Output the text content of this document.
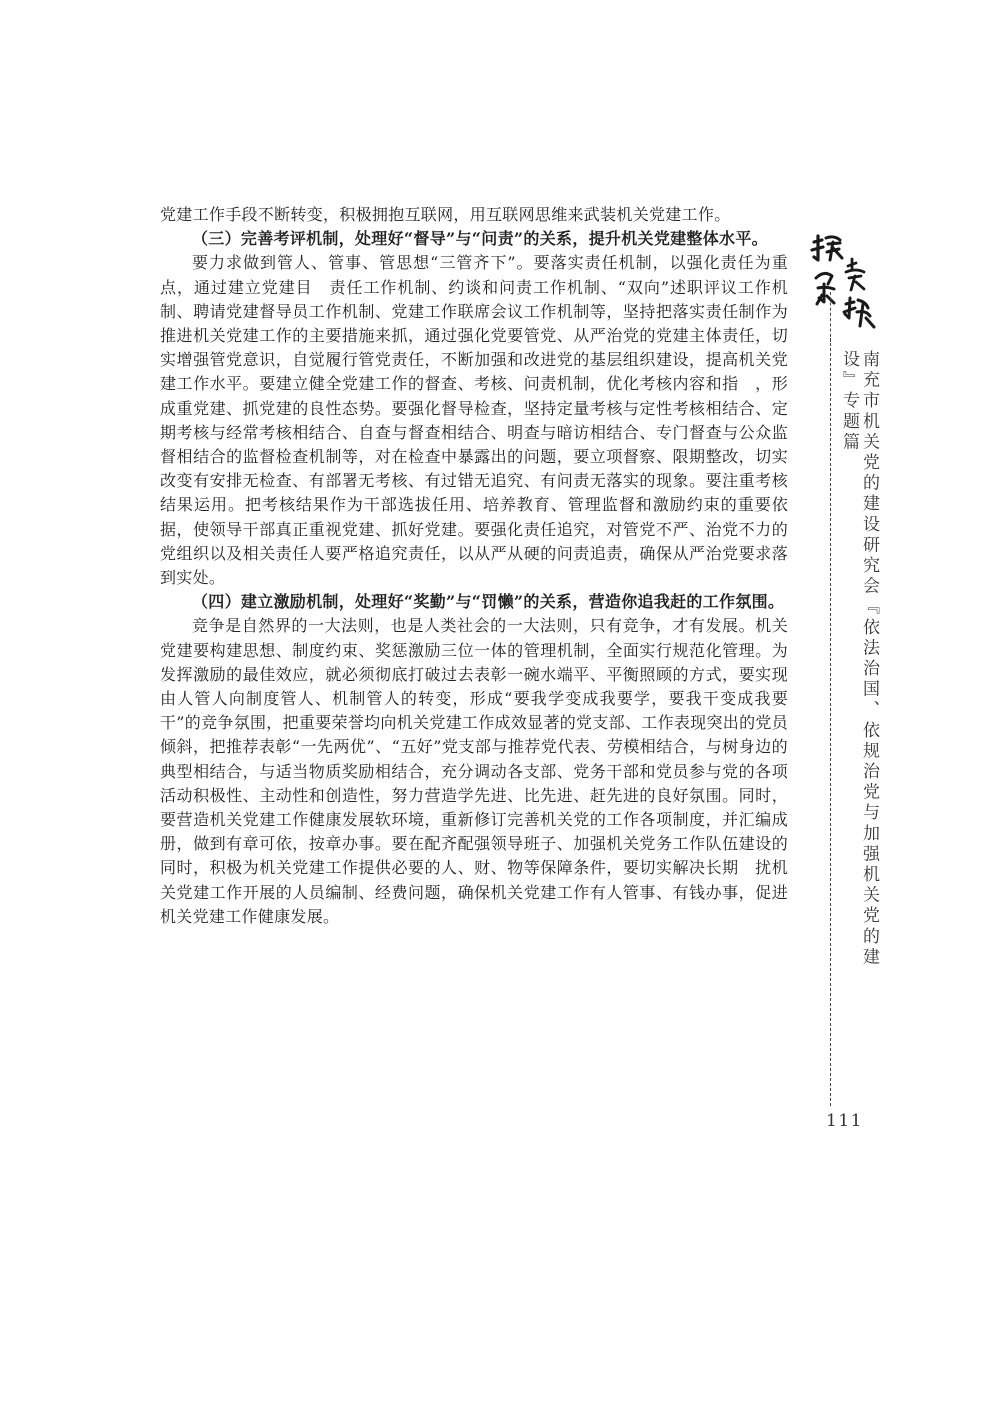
党建工作手段不断转变，积极拥抱互联网，用互联网思维来武装机关党建工作。

（三）完善考评机制，处理好“督导”与“问责”的关系，提升机关党建整体水平。

要力求做到管人、管事、管思想“三管齐下”。要落实责任机制，以强化责任为重点，通过建立党建目　责任工作机制、约谈和问责工作机制、“双向”述职评议工作机制、聘请党建督导员工作机制、党建工作联席会议工作机制等，坚持把落实责任制作为推进机关党建工作的主要措施来抓，通过强化党要管党、从严治党的党建主体责任，切实增强管党意识，自觉履行管党责任，不断加强和改进党的基层组织建设，提高机关党建工作水平。要建立健全党建工作的督查、考核、问责机制，优化考核内容和指　，形成重党建、抓党建的良性态势。要强化督导检查，坚持定量考核与定性考核相结合、定期考核与经常考核相结合、自查与督查相结合、明查与暗访相结合、专门督查与公众监督相结合的监督检查机制等，对在检查中暴露出的问题，要立项督察、限期整改，切实改变有安排无检查、有部署无考核、有过错无追究、有问责无落实的现象。要注重考核结果运用。把考核结果作为干部选拔任用、培养教育、管理监督和激励约束的重要依据，使领导干部真正重视党建、抓好党建。要强化责任追究，对管党不严、治党不力的党组织以及相关责任人要严格追究责任，以从严从硬的问责追责，确保从严治党要求落到实处。

（四）建立激励机制，处理好“奖勤”与“罚懒”的关系，营造你追我赶的工作氛围。

竞争是自然界的一大法则，也是人类社会的一大法则，只有竞争，才有发展。机关党建要构建思想、制度约束、奖惩激励三位一体的管理机制，全面实行规范化管理。为发挥激励的最佳效应，就必须彻底打破过去表彰一碗水端平、平衡照顾的方式，要实现由人管人向制度管人、机制管人的转变，形成“要我学变成我要学，要我干变成我要干”的竞争氛围，把重要荣誉均向机关党建工作成效显著的党支部、工作表现突出的党员倾斜，把推荐表彰“一先两优”、“五好”党支部与推荐党代表、劳模相结合，与树身边的典型相结合，与适当物质奖励相结合，充分调动各支部、党务干部和党员参与党的各项活动积极性、主动性和创造性，努力营造学先进、比先进、赶先进的良好氛围。同时，要营造机关党建工作健康发展软环境，重新修订完善机关党的工作各项制度，并汇编成册，做到有章可依，按章办事。要在配齐配强领导班子、加强机关党务工作队伍建设的同时，积极为机关党建工作提供必要的人、财、物等保障条件，要切实解决长期　扰机关党建工作开展的人员编制、经费问题，确保机关党建工作有人管事、有钱办事，促进机关党建工作健康发展。	南充市机关党的建设研究会『依法治国、依规治党与加强机关党的建设』专题篇
111
